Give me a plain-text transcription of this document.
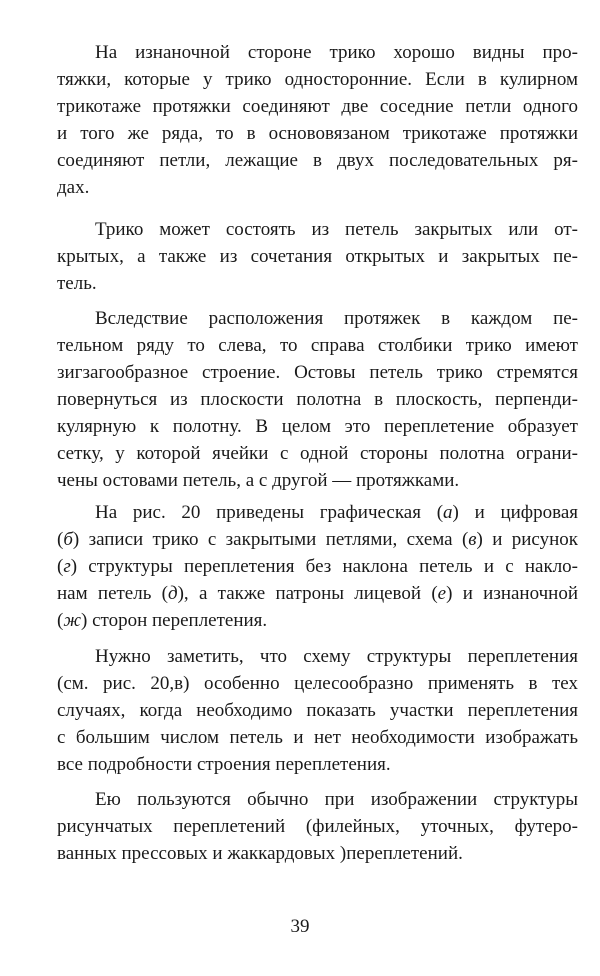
На изнаночной стороне трико хорошо видны про-
тяжки, которые у трико односторонние. Если в кулирном
трикотаже протяжки соединяют две соседние петли одного
и того же ряда, то в основовязаном трикотаже протяжки
соединяют петли, лежащие в двух последовательных ря-
дах.
Трико может состоять из петель закрытых или от-
крытых, а также из сочетания открытых и закрытых пе-
тель.
Вследствие расположения протяжек в каждом пе-
тельном ряду то слева, то справа столбики трико имеют
зигзагообразное строение. Остовы петель трико стремятся
повернуться из плоскости полотна в плоскость, перпенди-
кулярную к полотну. В целом это переплетение образует
сетку, у которой ячейки с одной стороны полотна ограни-
чены остовами петель, а с другой — протяжками.
На рис. 20 приведены графическая (а) и цифровая
(б) записи трико с закрытыми петлями, схема (в) и рисунок
(г) структуры переплетения без наклона петель и с накло-
нам петель (д), а также патроны лицевой (е) и изнаночной
(ж) сторон переплетения.
Нужно заметить, что схему структуры переплетения
(см. рис. 20,в) особенно целесообразно применять в тех
случаях, когда необходимо показать участки переплетения
с большим числом петель и нет необходимости изображать
все подробности строения переплетения.
Ею пользуются обычно при изображении структуры
рисунчатых переплетений (филейных, уточных, футеро-
ванных прессовых и жаккардовых )переплетений.
39
